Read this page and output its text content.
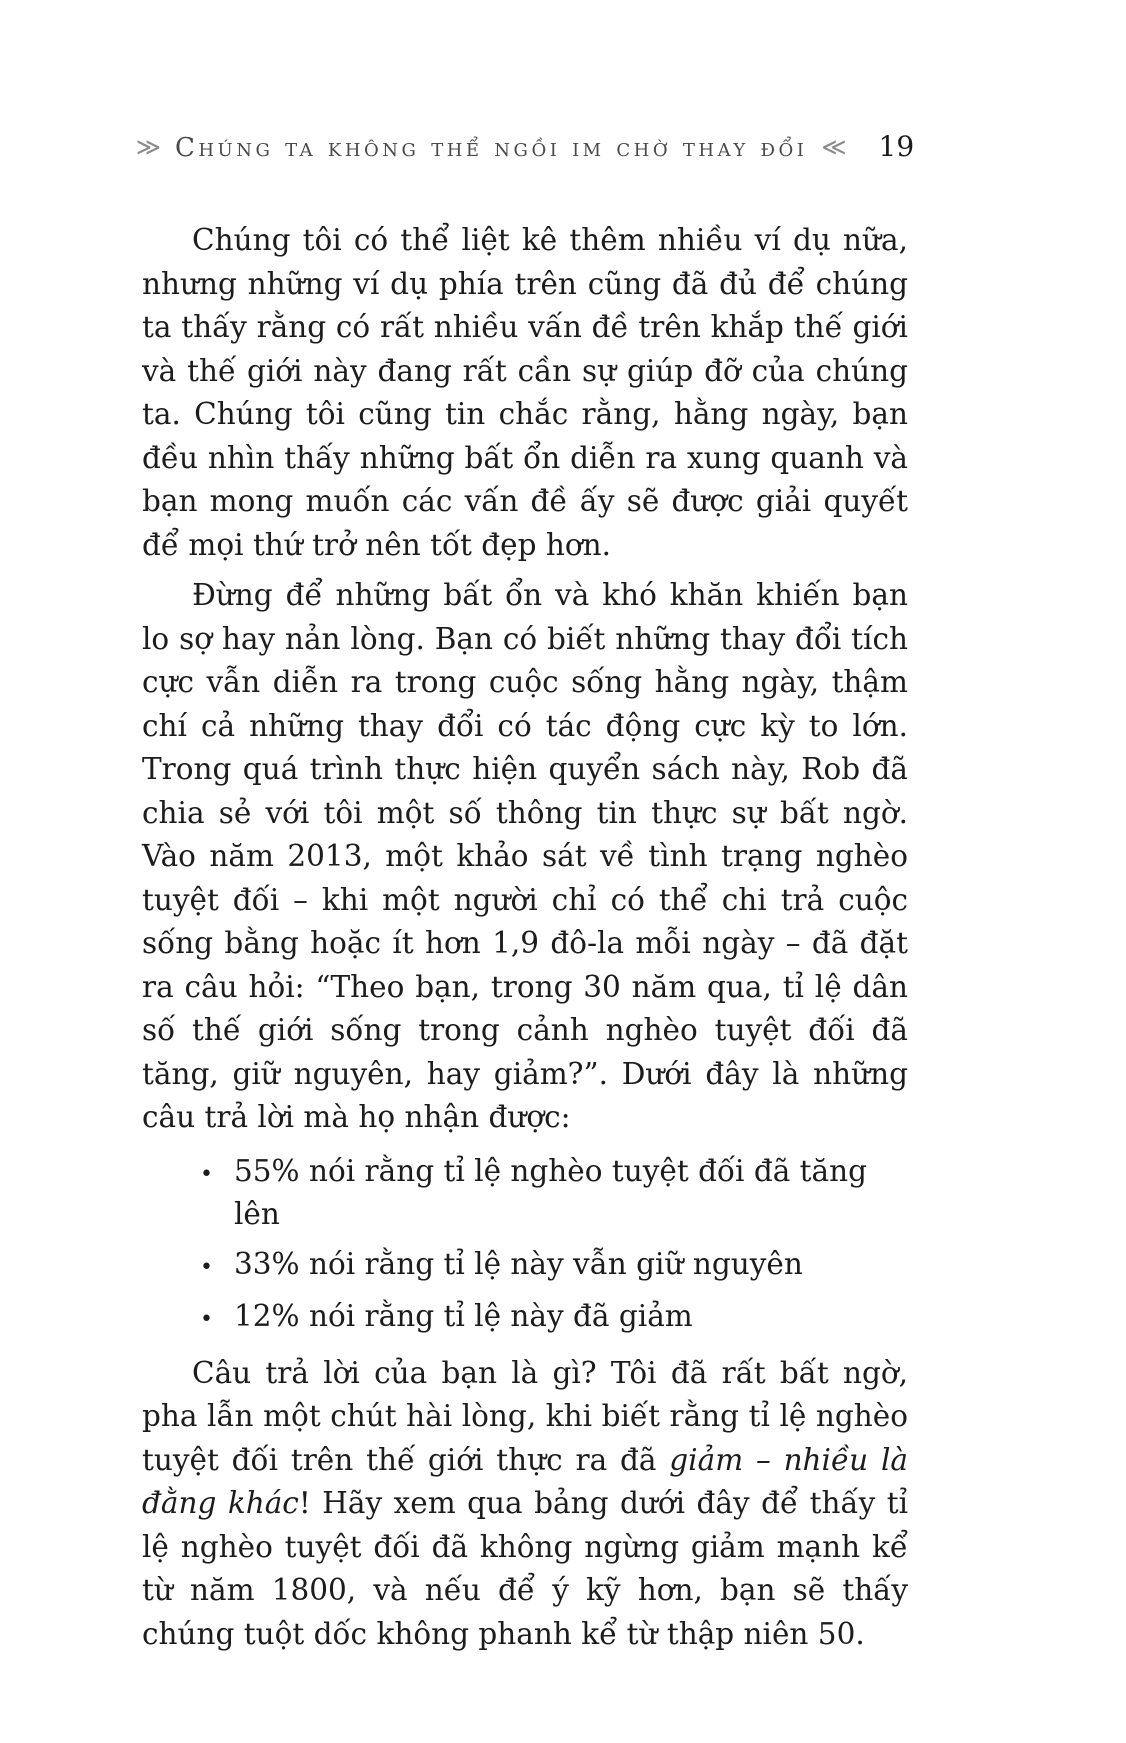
≫ Chúng ta không thể ngồi im chờ thay đổi ≪ 19

Chúng tôi có thể liệt kê thêm nhiều ví dụ nữa, nhưng những ví dụ phía trên cũng đã đủ để chúng ta thấy rằng có rất nhiều vấn đề trên khắp thế giới và thế giới này đang rất cần sự giúp đỡ của chúng ta. Chúng tôi cũng tin chắc rằng, hằng ngày, bạn đều nhìn thấy những bất ổn diễn ra xung quanh và bạn mong muốn các vấn đề ấy sẽ được giải quyết để mọi thứ trở nên tốt đẹp hơn.

Đừng để những bất ổn và khó khăn khiến bạn lo sợ hay nản lòng. Bạn có biết những thay đổi tích cực vẫn diễn ra trong cuộc sống hằng ngày, thậm chí cả những thay đổi có tác động cực kỳ to lớn. Trong quá trình thực hiện quyển sách này, Rob đã chia sẻ với tôi một số thông tin thực sự bất ngờ. Vào năm 2013, một khảo sát về tình trạng nghèo tuyệt đối – khi một người chỉ có thể chi trả cuộc sống bằng hoặc ít hơn 1,9 đô-la mỗi ngày – đã đặt ra câu hỏi: “Theo bạn, trong 30 năm qua, tỉ lệ dân số thế giới sống trong cảnh nghèo tuyệt đối đã tăng, giữ nguyên, hay giảm?”. Dưới đây là những câu trả lời mà họ nhận được:

• 55% nói rằng tỉ lệ nghèo tuyệt đối đã tăng lên
• 33% nói rằng tỉ lệ này vẫn giữ nguyên
• 12% nói rằng tỉ lệ này đã giảm

Câu trả lời của bạn là gì? Tôi đã rất bất ngờ, pha lẫn một chút hài lòng, khi biết rằng tỉ lệ nghèo tuyệt đối trên thế giới thực ra đã giảm – nhiều là đằng khác! Hãy xem qua bảng dưới đây để thấy tỉ lệ nghèo tuyệt đối đã không ngừng giảm mạnh kể từ năm 1800, và nếu để ý kỹ hơn, bạn sẽ thấy chúng tuột dốc không phanh kể từ thập niên 50.
